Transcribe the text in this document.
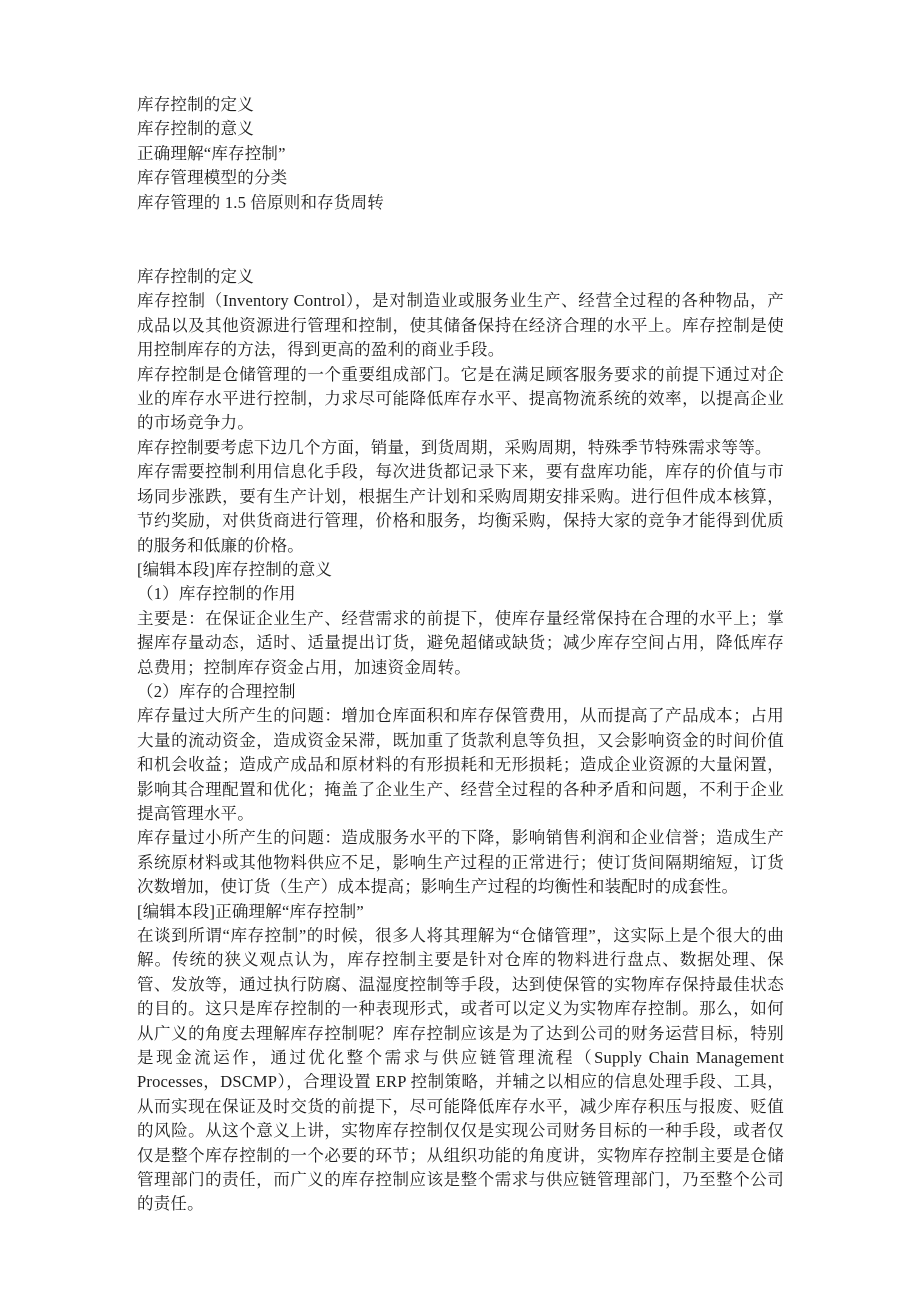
库存控制的定义
库存控制的意义
正确理解“库存控制”
库存管理模型的分类
库存管理的 1.5 倍原则和存货周转

库存控制的定义

库存控制（Inventory Control），是对制造业或服务业生产、经营全过程的各种物品，产成品以及其他资源进行管理和控制，使其储备保持在经济合理的水平上。库存控制是使用控制库存的方法，得到更高的盈利的商业手段。

库存控制是仓储管理的一个重要组成部门。它是在满足顾客服务要求的前提下通过对企业的库存水平进行控制，力求尽可能降低库存水平、提高物流系统的效率，以提高企业的市场竞争力。

库存控制要考虑下边几个方面，销量，到货周期，采购周期，特殊季节特殊需求等等。

库存需要控制利用信息化手段，每次进货都记录下来，要有盘库功能，库存的价值与市场同步涨跌，要有生产计划，根据生产计划和采购周期安排采购。进行但件成本核算，节约奖励，对供货商进行管理，价格和服务，均衡采购，保持大家的竞争才能得到优质的服务和低廉的价格。

[编辑本段]库存控制的意义

（1）库存控制的作用

主要是：在保证企业生产、经营需求的前提下，使库存量经常保持在合理的水平上；掌握库存量动态，适时、适量提出订货，避免超储或缺货；减少库存空间占用，降低库存总费用；控制库存资金占用，加速资金周转。

（2）库存的合理控制

库存量过大所产生的问题：增加仓库面积和库存保管费用，从而提高了产品成本；占用大量的流动资金，造成资金呆滞，既加重了货款利息等负担，又会影响资金的时间价值和机会收益；造成产成品和原材料的有形损耗和无形损耗；造成企业资源的大量闲置，影响其合理配置和优化；掩盖了企业生产、经营全过程的各种矛盾和问题，不利于企业提高管理水平。

库存量过小所产生的问题：造成服务水平的下降，影响销售利润和企业信誉；造成生产系统原材料或其他物料供应不足，影响生产过程的正常进行；使订货间隔期缩短，订货次数增加，使订货（生产）成本提高；影响生产过程的均衡性和装配时的成套性。

[编辑本段]正确理解“库存控制”

在谈到所谓“库存控制”的时候，很多人将其理解为“仓储管理”，这实际上是个很大的曲解。传统的狭义观点认为，库存控制主要是针对仓库的物料进行盘点、数据处理、保管、发放等，通过执行防腐、温湿度控制等手段，达到使保管的实物库存保持最佳状态的目的。这只是库存控制的一种表现形式，或者可以定义为实物库存控制。那么，如何从广义的角度去理解库存控制呢？库存控制应该是为了达到公司的财务运营目标，特别是现金流运作，通过优化整个需求与供应链管理流程（Supply Chain Management Processes，DSCMP），合理设置 ERP 控制策略，并辅之以相应的信息处理手段、工具，从而实现在保证及时交货的前提下，尽可能降低库存水平，减少库存积压与报废、贬值的风险。从这个意义上讲，实物库存控制仅仅是实现公司财务目标的一种手段，或者仅仅是整个库存控制的一个必要的环节；从组织功能的角度讲，实物库存控制主要是仓储管理部门的责任，而广义的库存控制应该是整个需求与供应链管理部门，乃至整个公司的责任。
